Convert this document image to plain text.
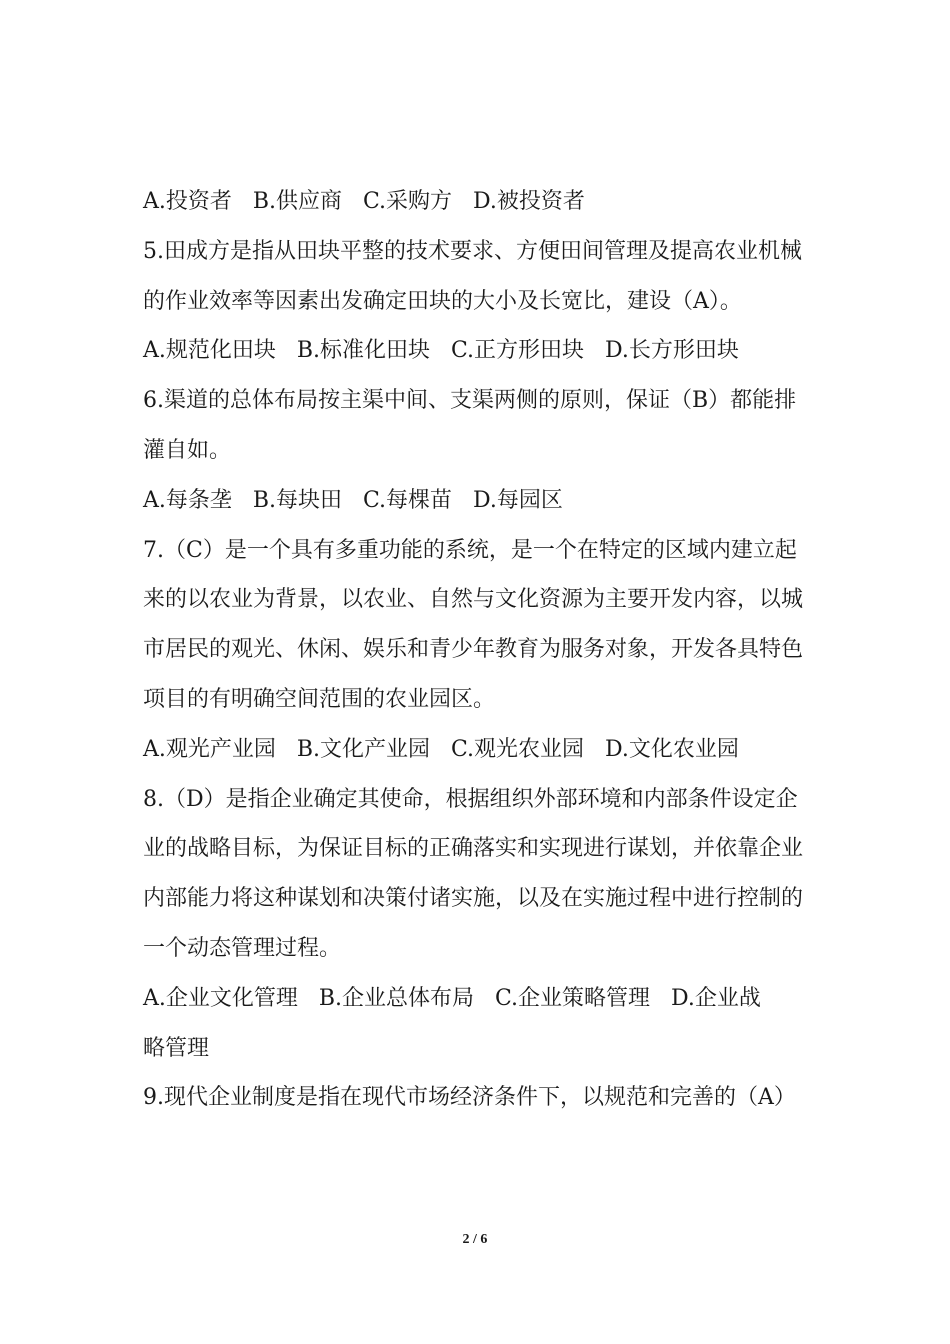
A.投资者   B.供应商   C.采购方   D.被投资者
5.田成方是指从田块平整的技术要求、方便田间管理及提高农业机械
的作业效率等因素出发确定田块的大小及长宽比，建设（A）。
A.规范化田块   B.标准化田块   C.正方形田块   D.长方形田块
6.渠道的总体布局按主渠中间、支渠两侧的原则，保证（B）都能排
灌自如。
A.每条垄   B.每块田   C.每棵苗   D.每园区
7.（C）是一个具有多重功能的系统，是一个在特定的区域内建立起
来的以农业为背景，以农业、自然与文化资源为主要开发内容，以城
市居民的观光、休闲、娱乐和青少年教育为服务对象，开发各具特色
项目的有明确空间范围的农业园区。
A.观光产业园   B.文化产业园   C.观光农业园   D.文化农业园
8.（D）是指企业确定其使命，根据组织外部环境和内部条件设定企
业的战略目标，为保证目标的正确落实和实现进行谋划，并依靠企业
内部能力将这种谋划和决策付诸实施，以及在实施过程中进行控制的
一个动态管理过程。
A.企业文化管理   B.企业总体布局   C.企业策略管理   D.企业战
略管理
9.现代企业制度是指在现代市场经济条件下，以规范和完善的（A）
2 / 6
